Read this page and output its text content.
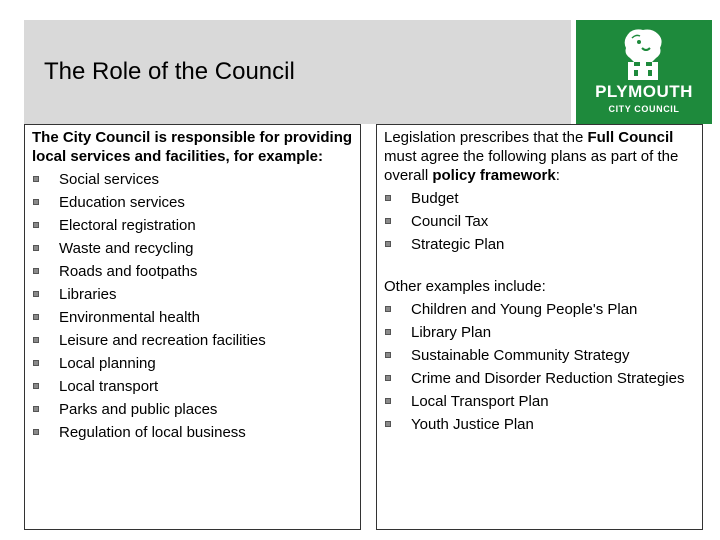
The Role of the Council
PLYMOUTH
CITY COUNCIL

The City Council is responsible for providing local services and facilities, for example:

Social services
Education services
Electoral registration
Waste and recycling
Roads and footpaths
Libraries
Environmental health
Leisure and recreation facilities
Local planning
Local transport
Parks and public places
Regulation of local business

Legislation prescribes that the Full Council must agree the following plans as part of the overall policy framework:

Budget
Council Tax
Strategic Plan

Other examples include:

Children and Young People's Plan
Library Plan
Sustainable Community Strategy
Crime and Disorder Reduction Strategies
Local Transport Plan
Youth Justice Plan
